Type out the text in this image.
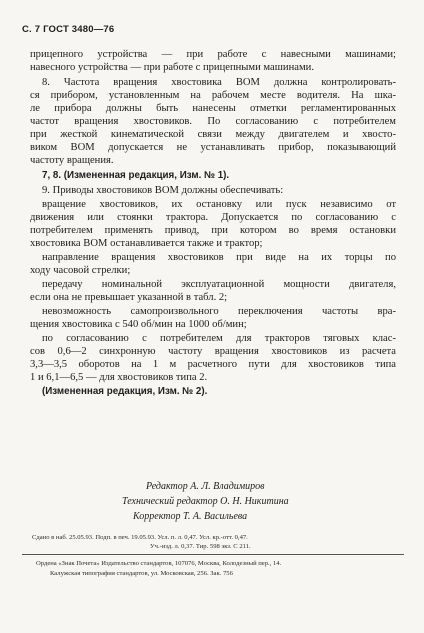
С. 7 ГОСТ 3480—76
прицепного устройства — при работе с навесными машинами;
навесного устройства — при работе с прицепными машинами.
8. Частота вращения хвостовика ВОМ должна контролировать-
ся прибором, установленным на рабочем месте водителя. На шка-
ле прибора должны быть нанесены отметки регламентированных
частот вращения хвостовиков. По согласованию с потребителем
при жесткой кинематической связи между двигателем и хвосто-
виком ВОМ допускается не устанавливать прибор, показывающий
частоту вращения.
7, 8. (Измененная редакция, Изм. № 1).
9. Приводы хвостовиков ВОМ должны обеспечивать:
вращение хвостовиков, их остановку или пуск независимо от
движения или стоянки трактора. Допускается по согласованию с
потребителем применять привод, при котором во время остановки
хвостовика ВОМ останавливается также и трактор;
направление вращения хвостовиков при виде на их торцы по
ходу часовой стрелки;
передачу номинальной эксплуатационной мощности двигателя,
если она не превышает указанной в табл. 2;
невозможность самопроизвольного переключения частоты вра-
щения хвостовика с 540 об/мин на 1000 об/мин;
по согласованию с потребителем для тракторов тяговых клас-
сов 0,6—2 синхронную частоту вращения хвостовиков из расчета
3,3—3,5 оборотов на 1 м расчетного пути для хвостовиков типа
1 и 6,1—6,5 — для хвостовиков типа 2.
(Измененная редакция, Изм. № 2).
Редактор А. Л. Владимиров
Технический редактор О. Н. Никитина
Корректор Т. А. Васильева
Сдано в наб. 25.05.93. Подп. в печ. 19.05.93. Усл. п. л. 0,47. Усл. кр.-отт. 0,47.
Уч.-изд. л. 0,37. Тир. 598 экз. С 211.
Ордена «Знак Почета» Издательство стандартов, 107076, Москва, Колодезный пер., 14.
Калужская типография стандартов, ул. Московская, 256. Зак. 756
